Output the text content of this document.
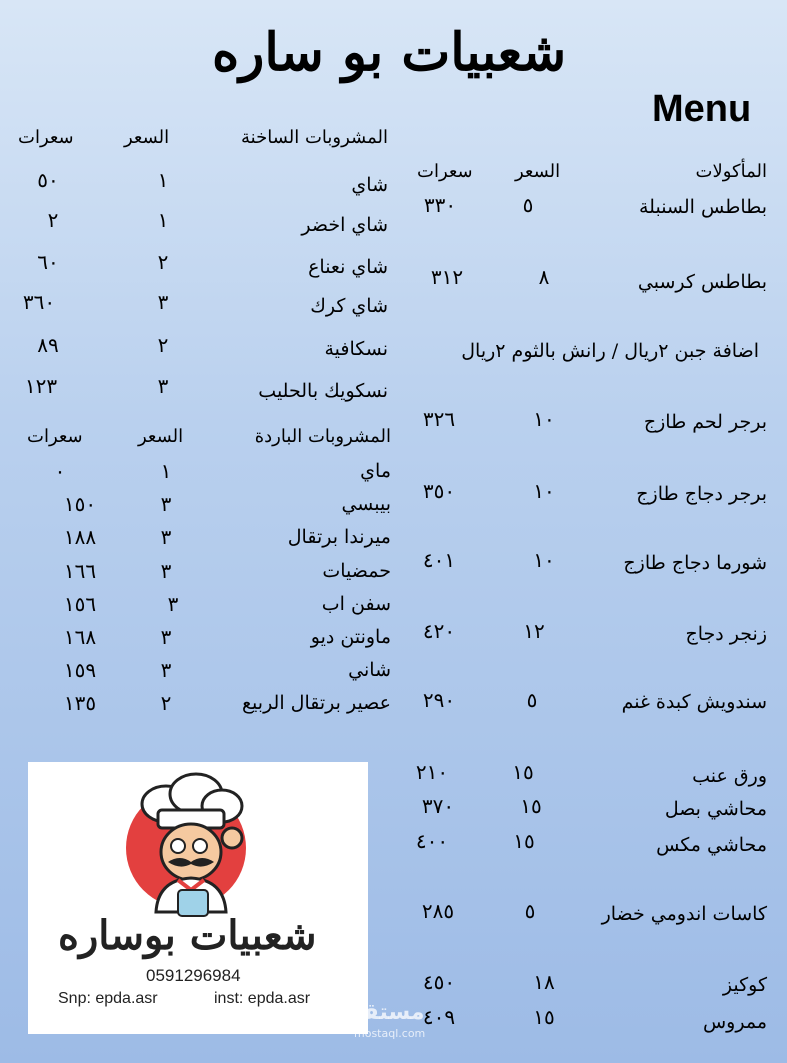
شعبيات بو ساره
Menu
المأكولات
السعر
سعرات
بطاطس السنبلة
٥
٣٣٠
بطاطس كرسبي
٨
٣١٢
اضافة جبن ٢ريال / رانش بالثوم ٢ريال
برجر لحم طازج
١٠
٣٢٦
برجر دجاج طازج
١٠
٣٥٠
شورما دجاج طازج
١٠
٤٠١
زنجر دجاج
١٢
٤٢٠
سندويش كبدة غنم
٥
٢٩٠
ورق عنب
١٥
٢١٠
محاشي بصل
١٥
٣٧٠
محاشي مكس
١٥
٤٠٠
كاسات اندومي خضار
٥
٢٨٥
كوكيز
١٨
٤٥٠
ممروس
١٥
٤٠٩
المشروبات الساخنة
السعر
سعرات
شاي
١
٥٠
شاي اخضر
١
٢
شاي نعناع
٢
٦٠
شاي كرك
٣
٣٦٠
نسكافية
٢
٨٩
نسكويك بالحليب
٣
١٢٣
المشروبات الباردة
السعر
سعرات
ماي
١
٠
بيبسي
٣
١٥٠
ميرندا برتقال
٣
١٨٨
حمضيات
٣
١٦٦
سفن اب
٣
١٥٦
ماونتن ديو
٣
١٦٨
شاني
٣
١٥٩
عصير برتقال الربيع
٢
١٣٥
شعبيات بوساره
0591296984
Snp: epda.asr	inst: epda.asr
مستقل
mostaql.com
